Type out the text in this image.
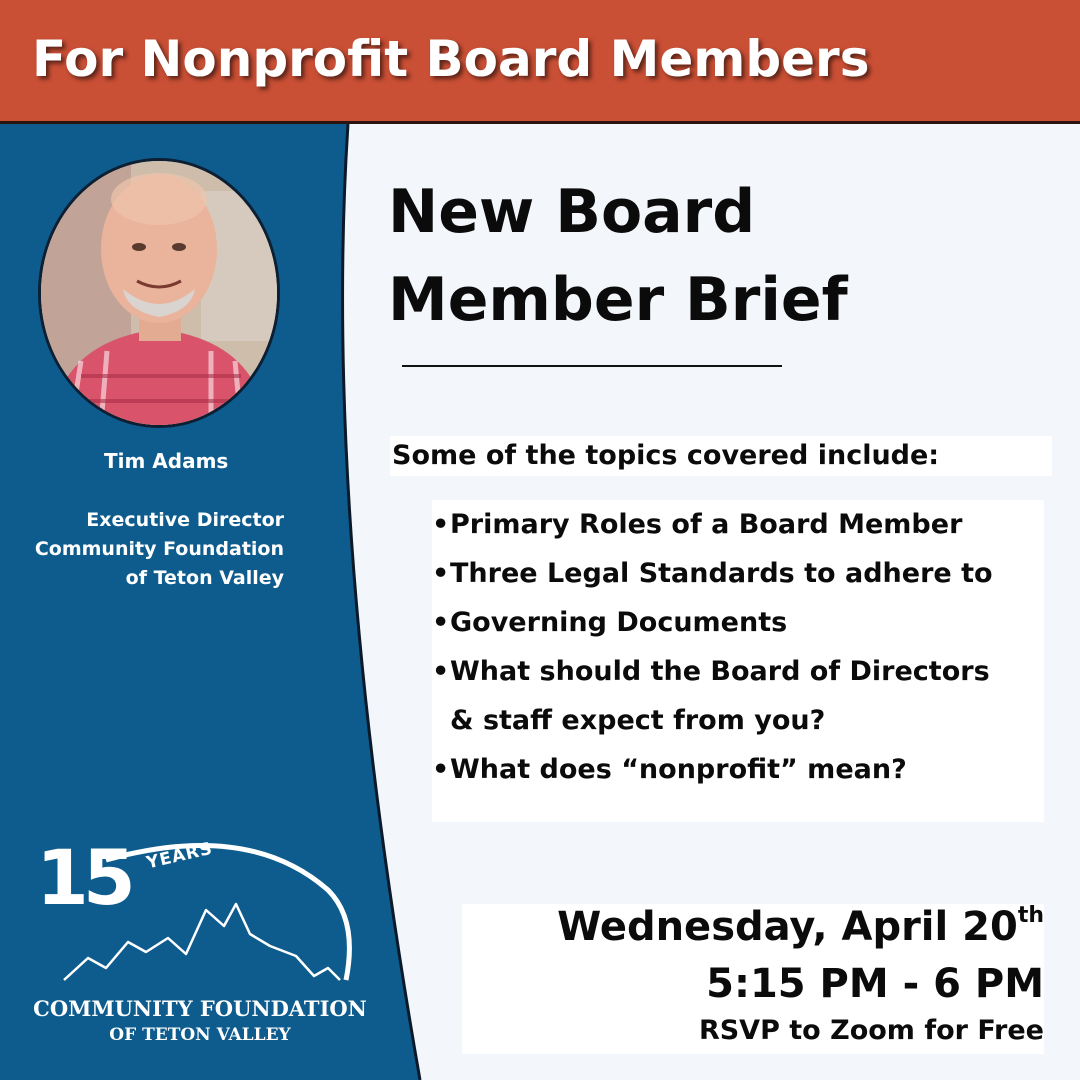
For Nonprofit Board Members
Tim Adams
Executive Director
Community Foundation
of Teton Valley
15 YEARS
COMMUNITY FOUNDATION
OF TETON VALLEY
New Board
Member Brief
Some of the topics covered include:
• Primary Roles of a Board Member
• Three Legal Standards to adhere to
• Governing Documents
• What should the Board of Directors
& staff expect from you?
• What does “nonprofit” mean?
Wednesday, April 20th
5:15 PM - 6 PM
RSVP to Zoom for Free
